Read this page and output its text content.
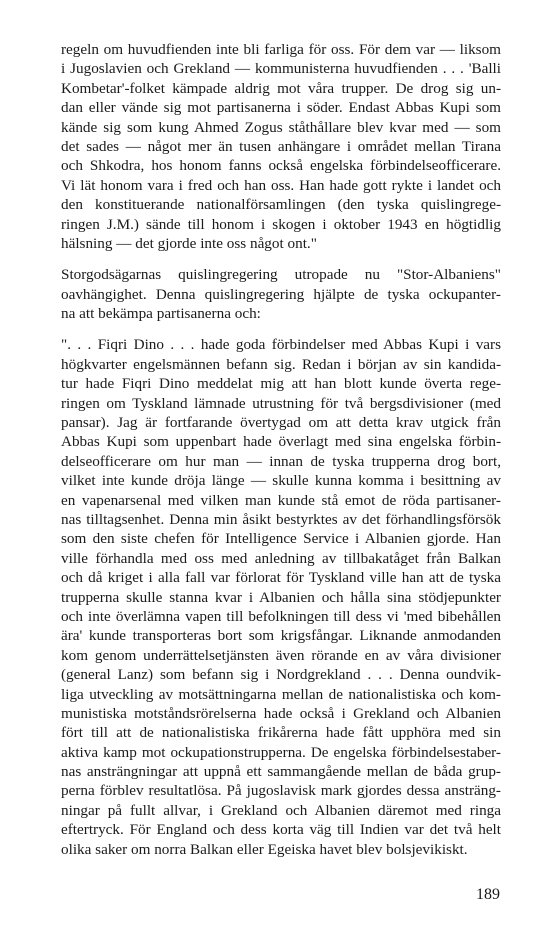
regeln om huvudfienden inte bli farliga för oss. För dem var — liksom
i Jugoslavien och Grekland — kommunisterna huvudfienden . . . 'Balli
Kombetar'-folket kämpade aldrig mot våra trupper. De drog sig un-
dan eller vände sig mot partisanerna i söder. Endast Abbas Kupi som
kände sig som kung Ahmed Zogus ståthållare blev kvar med — som
det sades — något mer än tusen anhängare i området mellan Tirana
och Shkodra, hos honom fanns också engelska förbindelseofficerare.
Vi lät honom vara i fred och han oss. Han hade gott rykte i landet och
den konstituerande nationalförsamlingen (den tyska quislingrege-
ringen J.M.) sände till honom i skogen i oktober 1943 en högtidlig
hälsning — det gjorde inte oss något ont."
Storgodsägarnas quislingregering utropade nu "Stor-Albaniens"
oavhängighet. Denna quislingregering hjälpte de tyska ockupanter-
na att bekämpa partisanerna och:
". . . Fiqri Dino . . . hade goda förbindelser med Abbas Kupi i vars
högkvarter engelsmännen befann sig. Redan i början av sin kandida-
tur hade Fiqri Dino meddelat mig att han blott kunde överta rege-
ringen om Tyskland lämnade utrustning för två bergsdivisioner (med
pansar). Jag är fortfarande övertygad om att detta krav utgick från
Abbas Kupi som uppenbart hade överlagt med sina engelska förbin-
delseofficerare om hur man — innan de tyska trupperna drog bort,
vilket inte kunde dröja länge — skulle kunna komma i besittning av
en vapenarsenal med vilken man kunde stå emot de röda partisaner-
nas tilltagsenhet. Denna min åsikt bestyrktes av det förhandlingsförsök
som den siste chefen för Intelligence Service i Albanien gjorde. Han
ville förhandla med oss med anledning av tillbakatåget från Balkan
och då kriget i alla fall var förlorat för Tyskland ville han att de tyska
trupperna skulle stanna kvar i Albanien och hålla sina stödjepunkter
och inte överlämna vapen till befolkningen till dess vi 'med bibehållen
ära' kunde transporteras bort som krigsfångar. Liknande anmodanden
kom genom underrättelsetjänsten även rörande en av våra divisioner
(general Lanz) som befann sig i Nordgrekland . . . Denna oundvik-
liga utveckling av motsättningarna mellan de nationalistiska och kom-
munistiska motståndsrörelserna hade också i Grekland och Albanien
fört till att de nationalistiska frikårerna hade fått upphöra med sin
aktiva kamp mot ockupationstrupperna. De engelska förbindelsestaber-
nas ansträngningar att uppnå ett sammangående mellan de båda grup-
perna förblev resultatlösa. På jugoslavisk mark gjordes dessa ansträng-
ningar på fullt allvar, i Grekland och Albanien däremot med ringa
eftertryck. För England och dess korta väg till Indien var det två helt
olika saker om norra Balkan eller Egeiska havet blev bolsjevikiskt.
189
